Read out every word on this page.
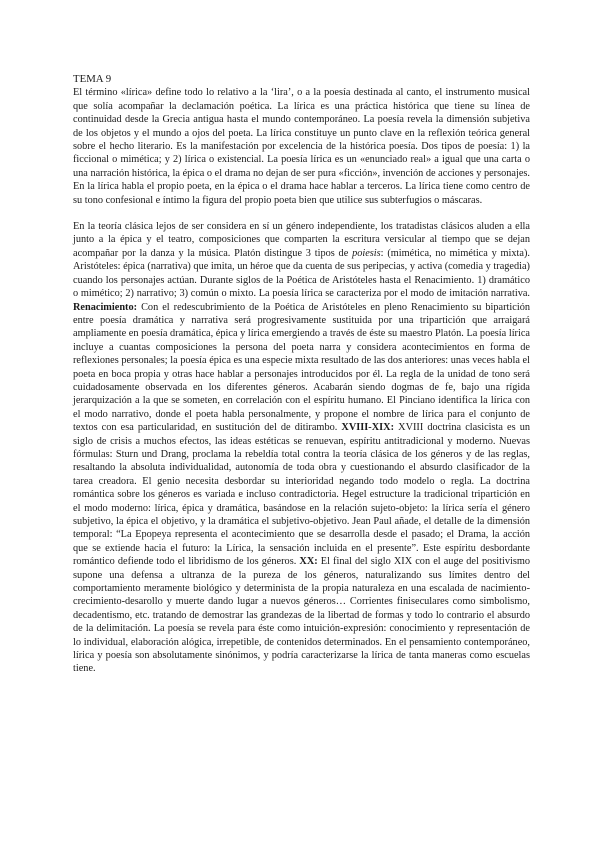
TEMA 9

El término «lírica» define todo lo relativo a la ‘lira’, o a la poesía destinada al canto, el instrumento musical que solía acompañar la declamación poética. La lírica es una práctica histórica que tiene su línea de continuidad desde la Grecia antigua hasta el mundo contemporáneo. La poesía revela la dimensión subjetiva de los objetos y el mundo a ojos del poeta. La lírica constituye un punto clave en la reflexión teórica general sobre el hecho literario. Es la manifestación por excelencia de la histórica poesía. Dos tipos de poesía: 1) la ficcional o mimética; y 2) lírica o existencial. La poesía lírica es un «enunciado real» a igual que una carta o una narración histórica, la épica o el drama no dejan de ser pura «ficción», invención de acciones y personajes. En la lírica habla el propio poeta, en la épica o el drama hace hablar a terceros. La lírica tiene como centro de su tono confesional e íntimo la figura del propio poeta bien que utilice sus subterfugios o máscaras.

En la teoría clásica lejos de ser considera en sí un género independiente, los tratadistas clásicos aluden a ella junto a la épica y el teatro, composiciones que comparten la escritura versicular al tiempo que se dejan acompañar por la danza y la música. Platón distingue 3 tipos de poiesis: (mimética, no mimética y mixta). Aristóteles: épica (narrativa) que imita, un héroe que da cuenta de sus peripecias, y activa (comedia y tragedia) cuando los personajes actúan. Durante siglos de la Poética de Aristóteles hasta el Renacimiento. 1) dramático o mimético; 2) narrativo; 3) común o mixto. La poesía lírica se caracteriza por el modo de imitación narrativa. Renacimiento: Con el redescubrimiento de la Poética de Aristóteles en pleno Renacimiento su bipartición entre poesía dramática y narrativa será progresivamente sustituida por una tripartición que arraigará ampliamente en poesía dramática, épica y lírica emergiendo a través de éste su maestro Platón. La poesía lírica incluye a cuantas composiciones la persona del poeta narra y considera acontecimientos en forma de reflexiones personales; la poesía épica es una especie mixta resultado de las dos anteriores: unas veces habla el poeta en boca propia y otras hace hablar a personajes introducidos por él. La regla de la unidad de tono será cuidadosamente observada en los diferentes géneros. Acabarán siendo dogmas de fe, bajo una rígida jerarquización a la que se someten, en correlación con el espíritu humano. El Pinciano identifica la lírica con el modo narrativo, donde el poeta habla personalmente, y propone el nombre de lírica para el conjunto de textos con esa particularidad, en sustitución del de ditirambo. XVIII-XIX: XVIII doctrina clasicista es un siglo de crisis a muchos efectos, las ideas estéticas se renuevan, espíritu antitradicional y moderno. Nuevas fórmulas: Sturn und Drang, proclama la rebeldía total contra la teoría clásica de los géneros y de las reglas, resaltando la absoluta individualidad, autonomía de toda obra y cuestionando el absurdo clasificador de la tarea creadora. El genio necesita desbordar su interioridad negando todo modelo o regla. La doctrina romántica sobre los géneros es variada e incluso contradictoria. Hegel estructure la tradicional tripartición en el modo moderno: lírica, épica y dramática, basándose en la relación sujeto-objeto: la lírica sería el género subjetivo, la épica el objetivo, y la dramática el subjetivo-objetivo. Jean Paul añade, el detalle de la dimensión temporal: “La Epopeya representa el acontecimiento que se desarrolla desde el pasado; el Drama, la acción que se extiende hacia el futuro: la Lírica, la sensación incluida en el presente”. Este espíritu desbordante romántico defiende todo el libridismo de los géneros. XX: El final del siglo XIX con el auge del positivismo supone una defensa a ultranza de la pureza de los géneros, naturalizando sus límites dentro del comportamiento meramente biológico y determinista de la propia naturaleza en una escalada de nacimiento-crecimiento-desarollo y muerte dando lugar a nuevos géneros… Corrientes finiseculares como simbolismo, decadentismo, etc. tratando de demostrar las grandezas de la libertad de formas y todo lo contrario el absurdo de la delimitación. La poesía se revela para éste como intuición-expresión: conocimiento y representación de lo individual, elaboración alógica, irrepetible, de contenidos determinados. En el pensamiento contemporáneo, lírica y poesía son absolutamente sinónimos, y podría caracterizarse la lírica de tanta maneras como escuelas tiene.
